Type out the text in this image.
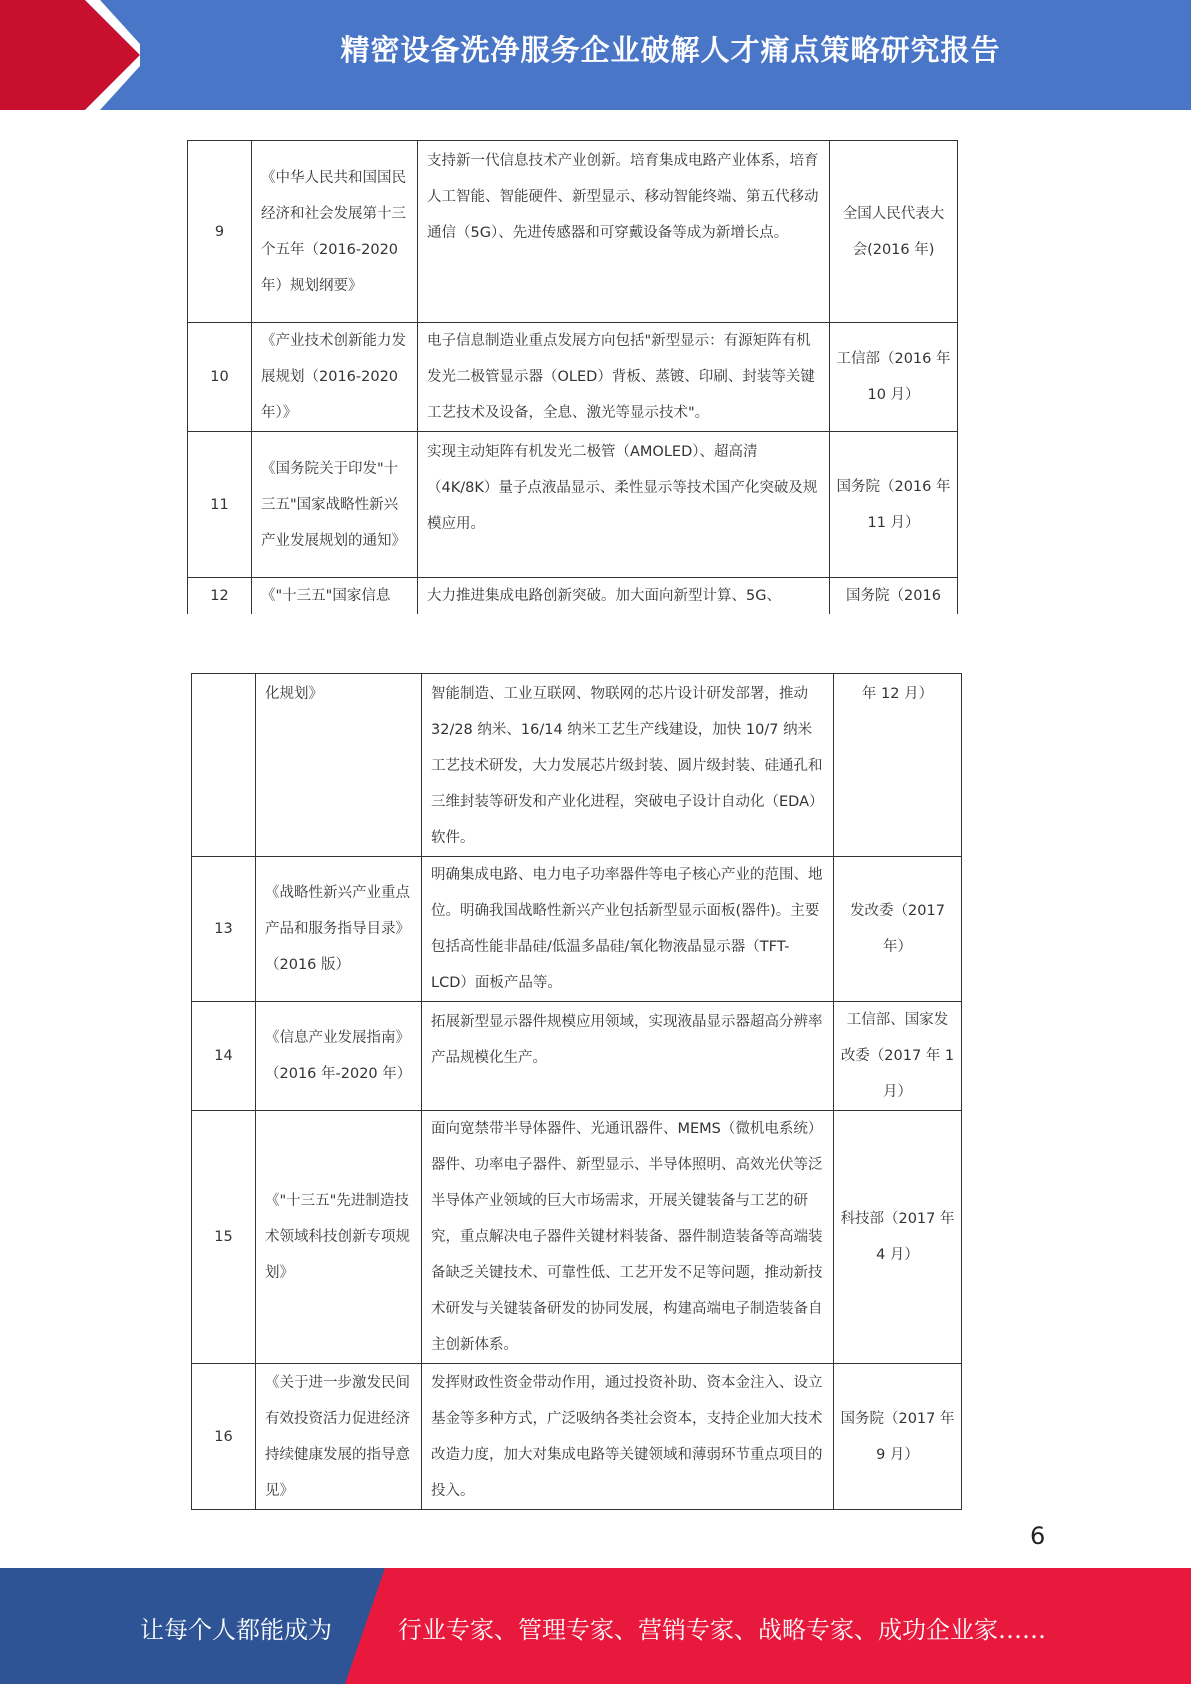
精密设备洗净服务企业破解人才痛点策略研究报告
9	《中华人民共和国国民经济和社会发展第十三个五年（2016-2020 年）规划纲要》	支持新一代信息技术产业创新。培育集成电路产业体系，培育人工智能、智能硬件、新型显示、移动智能终端、第五代移动通信（5G）、先进传感器和可穿戴设备等成为新增长点。	全国人民代表大会(2016 年)
10	《产业技术创新能力发展规划（2016-2020 年）》	电子信息制造业重点发展方向包括"新型显示：有源矩阵有机发光二极管显示器（OLED）背板、蒸镀、印刷、封装等关键工艺技术及设备，全息、激光等显示技术"。	工信部（2016 年 10 月）
11	《国务院关于印发"十三五"国家战略性新兴产业发展规划的通知》	实现主动矩阵有机发光二极管（AMOLED）、超高清（4K/8K）量子点液晶显示、柔性显示等技术国产化突破及规模应用。	国务院（2016 年 11 月）
12	《"十三五"国家信息	大力推进集成电路创新突破。加大面向新型计算、5G、	国务院（2016
	化规划》	智能制造、工业互联网、物联网的芯片设计研发部署，推动 32/28 纳米、16/14 纳米工艺生产线建设，加快 10/7 纳米工艺技术研发，大力发展芯片级封装、圆片级封装、硅通孔和三维封装等研发和产业化进程，突破电子设计自动化（EDA）软件。	年 12 月）
13	《战略性新兴产业重点产品和服务指导目录》（2016 版）	明确集成电路、电力电子功率器件等电子核心产业的范围、地位。明确我国战略性新兴产业包括新型显示面板(器件)。主要包括高性能非晶硅/低温多晶硅/氧化物液晶显示器（TFT-LCD）面板产品等。	发改委（2017 年）
14	《信息产业发展指南》（2016 年-2020 年）	拓展新型显示器件规模应用领域，实现液晶显示器超高分辨率产品规模化生产。	工信部、国家发改委（2017 年 1月）
15	《"十三五"先进制造技术领域科技创新专项规划》	面向宽禁带半导体器件、光通讯器件、MEMS（微机电系统）器件、功率电子器件、新型显示、半导体照明、高效光伏等泛半导体产业领域的巨大市场需求，开展关键装备与工艺的研究，重点解决电子器件关键材料装备、器件制造装备等高端装备缺乏关键技术、可靠性低、工艺开发不足等问题，推动新技术研发与关键装备研发的协同发展，构建高端电子制造装备自主创新体系。	科技部（2017 年 4 月）
16	《关于进一步激发民间有效投资活力促进经济持续健康发展的指导意见》	发挥财政性资金带动作用，通过投资补助、资本金注入、设立基金等多种方式，广泛吸纳各类社会资本，支持企业加大技术改造力度，加大对集成电路等关键领域和薄弱环节重点项目的投入。	国务院（2017 年 9 月）
6
让每个人都能成为	行业专家、管理专家、营销专家、战略专家、成功企业家……
